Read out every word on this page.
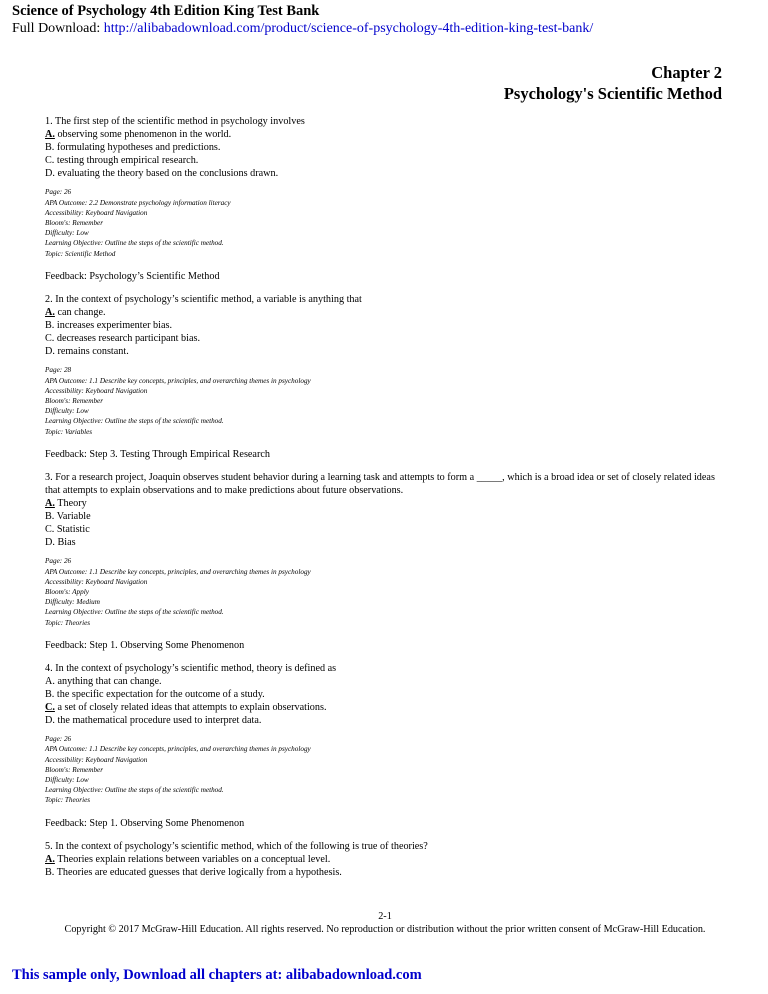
Science of Psychology 4th Edition King Test Bank
Full Download: http://alibabadownload.com/product/science-of-psychology-4th-edition-king-test-bank/
Chapter 2
Psychology's Scientific Method
1. The first step of the scientific method in psychology involves
A. observing some phenomenon in the world.
B. formulating hypotheses and predictions.
C. testing through empirical research.
D. evaluating the theory based on the conclusions drawn.
Page: 26
APA Outcome: 2.2 Demonstrate psychology information literacy
Accessibility: Keyboard Navigation
Bloom's: Remember
Difficulty: Low
Learning Objective: Outline the steps of the scientific method.
Topic: Scientific Method
Feedback: Psychology’s Scientific Method
2. In the context of psychology’s scientific method, a variable is anything that
A. can change.
B. increases experimenter bias.
C. decreases research participant bias.
D. remains constant.
Page: 28
APA Outcome: 1.1 Describe key concepts, principles, and overarching themes in psychology
Accessibility: Keyboard Navigation
Bloom's: Remember
Difficulty: Low
Learning Objective: Outline the steps of the scientific method.
Topic: Variables
Feedback: Step 3. Testing Through Empirical Research
3. For a research project, Joaquin observes student behavior during a learning task and attempts to form a _____, which is a broad idea or set of closely related ideas that attempts to explain observations and to make predictions about future observations.
A. Theory
B. Variable
C. Statistic
D. Bias
Page: 26
APA Outcome: 1.1 Describe key concepts, principles, and overarching themes in psychology
Accessibility: Keyboard Navigation
Bloom's: Apply
Difficulty: Medium
Learning Objective: Outline the steps of the scientific method.
Topic: Theories
Feedback: Step 1. Observing Some Phenomenon
4. In the context of psychology’s scientific method, theory is defined as
A. anything that can change.
B. the specific expectation for the outcome of a study.
C. a set of closely related ideas that attempts to explain observations.
D. the mathematical procedure used to interpret data.
Page: 26
APA Outcome: 1.1 Describe key concepts, principles, and overarching themes in psychology
Accessibility: Keyboard Navigation
Bloom's: Remember
Difficulty: Low
Learning Objective: Outline the steps of the scientific method.
Topic: Theories
Feedback: Step 1. Observing Some Phenomenon
5. In the context of psychology’s scientific method, which of the following is true of theories?
A. Theories explain relations between variables on a conceptual level.
B. Theories are educated guesses that derive logically from a hypothesis.
2-1
Copyright © 2017 McGraw-Hill Education. All rights reserved. No reproduction or distribution without the prior written consent of McGraw-Hill Education.
This sample only, Download all chapters at: alibabadownload.com
